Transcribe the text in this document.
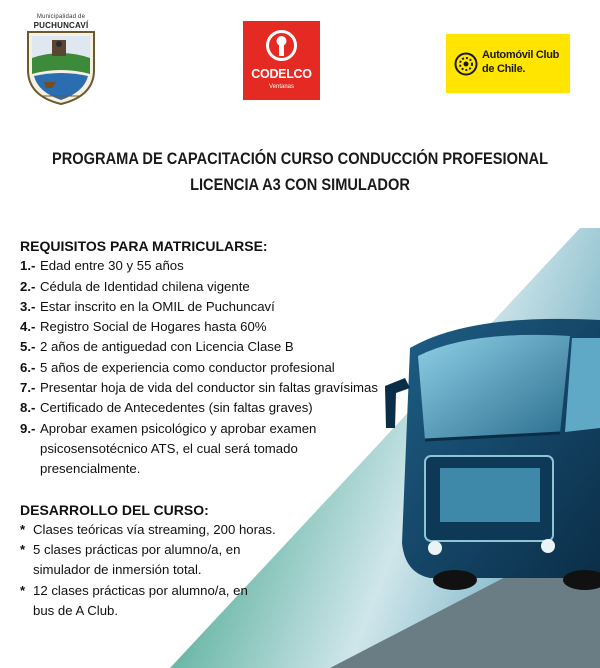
Municipalidad de
PUCHUNCAVÍ
CODELCO
Ventanas
Automóvil Club
de Chile.
PROGRAMA DE CAPACITACIÓN CURSO CONDUCCIÓN PROFESIONAL
LICENCIA A3 CON SIMULADOR
REQUISITOS PARA MATRICULARSE:
1.- Edad entre 30 y 55 años
2.- Cédula de Identidad chilena vigente
3.- Estar inscrito en la OMIL de Puchuncaví
4.- Registro Social de Hogares hasta 60%
5.- 2 años de antiguedad con Licencia Clase B
6.- 5 años de experiencia como conductor profesional
7.- Presentar hoja de vida del conductor sin faltas gravísimas
8.- Certificado de Antecedentes (sin faltas graves)
9.- Aprobar examen psicológico y aprobar examen psicosensotécnico ATS, el cual será tomado presencialmente.
DESARROLLO DEL CURSO:
* Clases teóricas vía streaming, 200 horas.
* 5 clases prácticas por alumno/a, en simulador de inmersión total.
* 12 clases prácticas por alumno/a, en bus de A Club.
